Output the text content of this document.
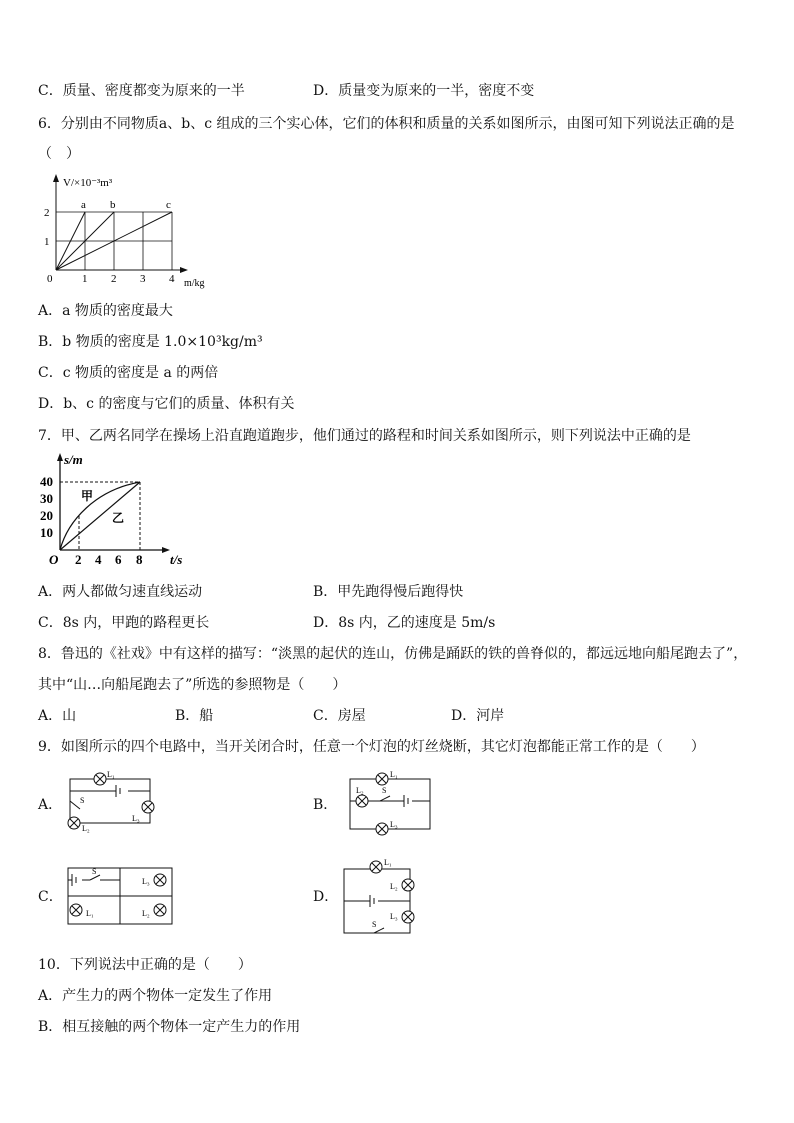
C．质量、密度都变为原来的一半	D．质量变为原来的一半，密度不变
6．分别由不同物质a、b、c 组成的三个实心体，它们的体积和质量的关系如图所示，由图可知下列说法正确的是
（　）
V/×10⁻³m³
m/kg
0	1 2 3 4
2
1
a b	c
A．a 物质的密度最大
B．b 物质的密度是 1.0×10³kg/m³
C．c 物质的密度是 a 的两倍
D．b、c 的密度与它们的质量、体积有关
7．甲、乙两名同学在操场上沿直跑道跑步，他们通过的路程和时间关系如图所示，则下列说法中正确的是
s/m
t/s
O 2 4 6 8
40
30
20
10
甲
乙
A．两人都做匀速直线运动	B．甲先跑得慢后跑得快
C．8s 内，甲跑的路程更长	D．8s 内，乙的速度是 5m/s
8．鲁迅的《社戏》中有这样的描写：“淡黑的起伏的连山，仿佛是踊跃的铁的兽脊似的，都远远地向船尾跑去了”，
其中“山…向船尾跑去了”所选的参照物是（　　）
A．山	B．船	C．房屋	D．河岸
9．如图所示的四个电路中，当开关闭合时，任意一个灯泡的灯丝烧断，其它灯泡都能正常工作的是（　　）
A．
L₁
L₃
L₂
S	B．
L₁
L₂ S
L₃
C．
S
L₃
L₁	L₂
D．
L₁
L₂
L₃
S
10．下列说法中正确的是（　　）
A．产生力的两个物体一定发生了作用
B．相互接触的两个物体一定产生力的作用
